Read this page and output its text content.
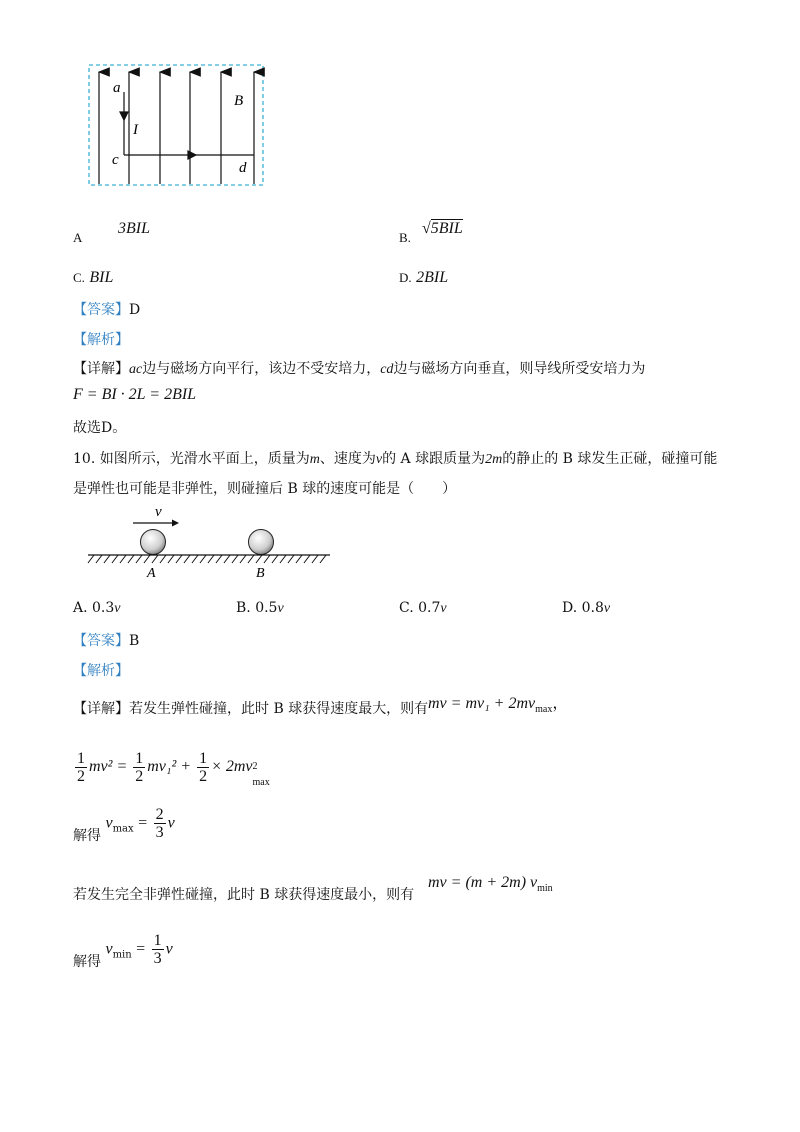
a
I
B
c	d
A
3BIL
B.
√5BIL
C. BIL	D. 2BIL
【答案】D
【解析】
【详解】ac边与磁场方向平行，该边不受安培力，cd边与磁场方向垂直，则导线所受安培力为
F = BI · 2L = 2BIL
故选D。
10. 如图所示，光滑水平面上，质量为m、速度为v的 A 球跟质量为2m的静止的 B 球发生正碰，碰撞可能
是弹性也可能是非弹性，则碰撞后 B 球的速度可能是（　　）
v
A	B
A. 0.3v	B. 0.5v	C. 0.7v	D. 0.8v
【答案】B
【解析】
【详解】若发生弹性碰撞，此时 B 球获得速度最大，则有 mv = $mv_1 + 2mv_{max}$，
$\frac{1}{2} mv^2 = \frac{1}{2} mv_1^2 + \frac{1}{2} \times 2mv$ 2
max
解得 $v_{max} = \frac{2}{3}$ v
若发生完全非弹性碰撞，此时 B 球获得速度最小，则有
mv = (m + 2m) $v_{min}$
解得 $v_{min} = \frac{1}{3}$ v
